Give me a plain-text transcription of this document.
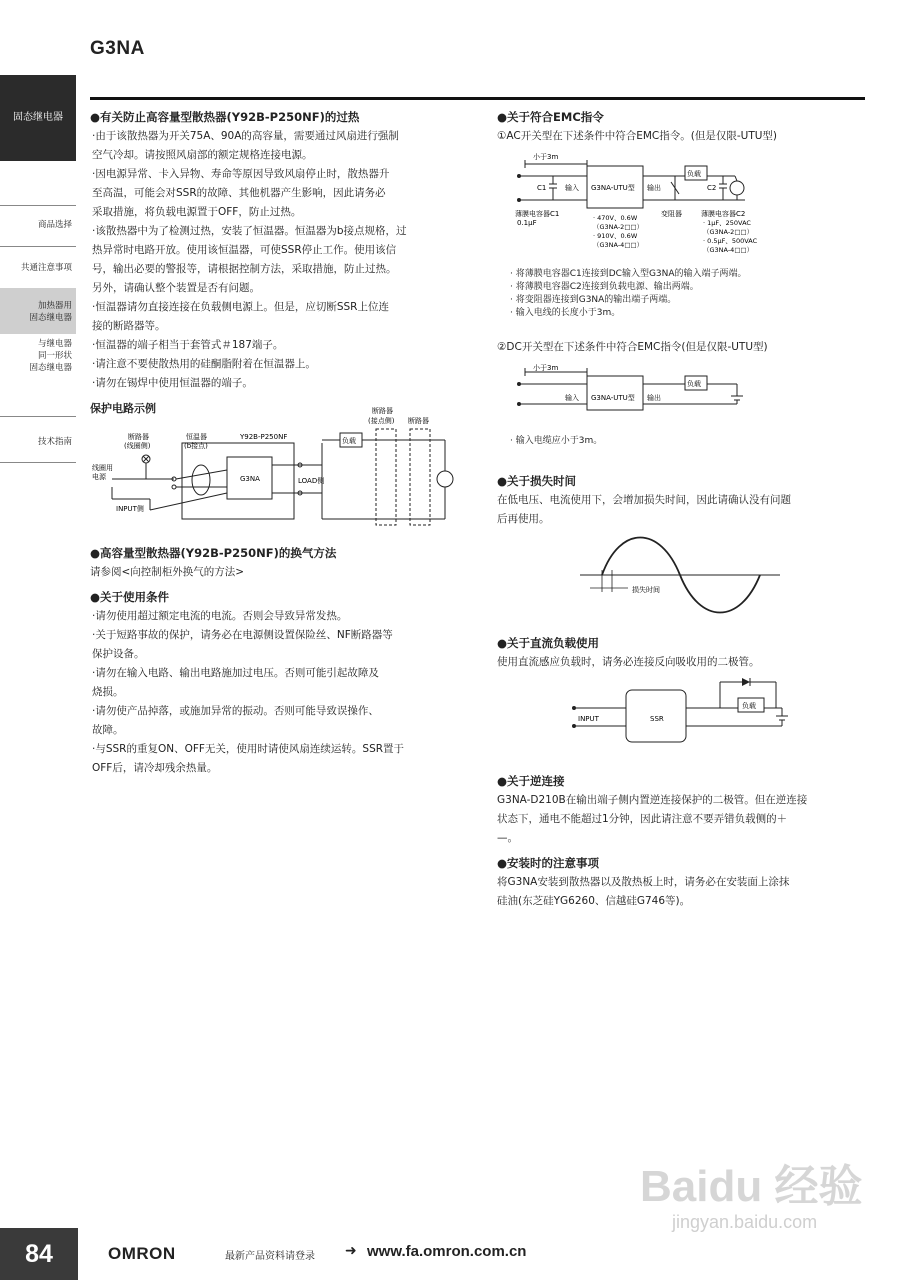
G3NA
固态继电器
商品选择
共通注意事项
加热器用
固态继电器
与继电器
同一形状
固态继电器
技术指南
●有关防止高容量型散热器(Y92B-P250NF)的过热
·由于该散热器为开关75A、90A的高容量，需要通过风扇进行强制
空气冷却。请按照风扇部的额定规格连接电源。
·因电源异常、卡入异物、寿命等原因导致风扇停止时，散热器升
至高温，可能会对SSR的故障、其他机器产生影响，因此请务必
采取措施，将负载电源置于OFF，防止过热。
·该散热器中为了检测过热，安装了恒温器。恒温器为b接点规格，过
热异常时电路开放。使用该恒温器，可使SSR停止工作。使用该信
号，输出必要的警报等，请根据控制方法，采取措施，防止过热。
另外，请确认整个装置是否有问题。
·恒温器请勿直接连接在负载侧电源上。但是，应切断SSR上位连
接的断路器等。
·恒温器的端子相当于套管式＃187端子。
·请注意不要使散热用的硅酮脂附着在恒温器上。
·请勿在锡焊中使用恒温器的端子。
保护电路示例
断路器
(线圈侧)
恒温器
(b接点)
Y92B-P250NF
线圈用
电源	G3NA	LOAD侧
INPUT侧
负载
断路器
(接点侧) 断路器
●高容量型散热器(Y92B-P250NF)的换气方法
请参阅<向控制柜外换气的方法>
●关于使用条件
·请勿使用超过额定电流的电流。否则会导致异常发热。
·关于短路事故的保护，请务必在电源侧设置保险丝、NF断路器等
保护设备。
·请勿在输入电路、输出电路施加过电压。否则可能引起故障及
烧损。
·请勿使产品掉落，或施加异常的振动。否则可能导致误操作、
故障。
·与SSR的重复ON、OFF无关，使用时请使风扇连续运转。SSR置于
OFF后，请冷却残余热量。
●关于符合EMC指令
①AC开关型在下述条件中符合EMC指令。(但是仅限-UTU型)
小于3m
C1	输入 G3NA-UTU型 输出
负载
C2
薄膜电容器C1
0.1μF
· 470V、0.6W
（G3NA-2□□）
· 910V、0.6W
（G3NA-4□□）
变阻器	薄膜电容器C2
· 1μF、250VAC
（G3NA-2□□）
· 0.5μF、500VAC
（G3NA-4□□）
· 将薄膜电容器C1连接到DC输入型G3NA的输入端子两端。
· 将薄膜电容器C2连接到负载电源、输出两端。
· 将变阻器连接到G3NA的输出端子两端。
· 输入电线的长度小于3m。
②DC开关型在下述条件中符合EMC指令(但是仅限-UTU型)
小于3m
输入 G3NA-UTU型 输出
负载
· 输入电缆应小于3m。
●关于损失时间
在低电压、电流使用下，会增加损失时间，因此请确认没有问题
后再使用。
损失时间
●关于直流负载使用
使用直流感应负载时，请务必连接反向吸收用的二极管。
INPUT	SSR
负载
●关于逆连接
G3NA-D210B在输出端子侧内置逆连接保护的二极管。但在逆连接
状态下，通电不能超过1分钟，因此请注意不要弄错负载侧的＋
—。
●安装时的注意事项
将G3NA安装到散热器以及散热板上时，请务必在安装面上涂抹
硅油(东芝硅YG6260、信越硅G746等)。
Baidu 经验
jingyan.baidu.com
84	OMRON	最新产品资料请登录 ➜ www.fa.omron.com.cn
